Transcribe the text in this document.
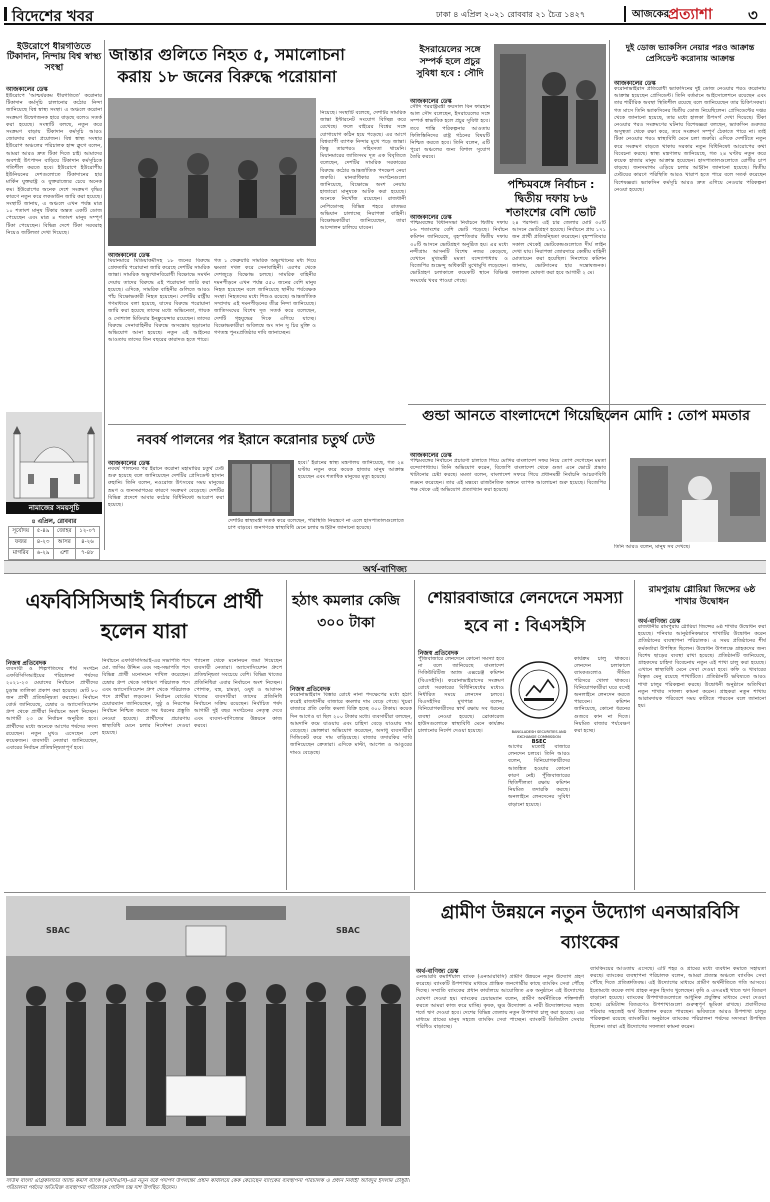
বিদেশের খবর	ঢাকা ৪ এপ্রিল ২০২১ রোববার ২১ চৈত্র ১৪২৭	আজকের
প্রত্যাশা ৩
ইউরোপে ধীরগতিতে টিকাদান, নিন্দায় বিশ্ব স্বাস্থ্য সংস্থা
আজকালের ডেস্ক
ইউরোপে 'আশ্চর্যরকম ধীরগতিতে' করোনার টিকাদান কর্মসূচি চালানোর কঠোর নিন্দা জানিয়েছে বিশ্ব স্বাস্থ্য সংস্থা। এ অঞ্চলে করোনা সংক্রমণ উদ্বেগজনক হারে বাড়ছে বলেও সতর্ক করা হয়েছে। সংস্থাটি বলছে, নতুন করে সংক্রমণ বাড়ায় টিকাদান কর্মসূচি আরও জোরদার করা প্রয়োজন। বিশ্ব স্বাস্থ্য সংস্থার ইউরোপ অঞ্চলের পরিচালক হান্স ক্লুগে বলেন, আমরা আরও দ্রুত টিকা দিতে চাই। আমাদের অবশ্যই উৎপাদন বাড়িয়ে টিকাদান কর্মসূচিকে গতিশীল করতে হবে। ইউরোপে ইউরোপীয় ইউনিয়নের দেশগুলোতে টিকাদানের হার মার্কিন যুক্তরাষ্ট্র ও যুক্তরাজ্যের চেয়ে অনেক কম। ইউরোপের অনেক দেশে সংক্রমণ বৃদ্ধির কারণে নতুন করে লকডাউন জারি করা হয়েছে। সংস্থাটি জানায়, এ অঞ্চলে এখন পর্যন্ত মাত্র ১০ শতাংশ মানুষ টিকার অন্তত একটি ডোজ পেয়েছেন এবং মাত্র ৪ শতাংশ মানুষ সম্পূর্ণ টিকা পেয়েছেন। বিভিন্ন দেশে টিকা সরবরাহ নিয়েও জটিলতা দেখা দিয়েছে।
নামাজের সময়সূচি
৪ এপ্রিল, রোববার
সূর্যোদয়	৫-৪৯	জোহর	১২-০৭
ফজর	৪-২৩	আসর	৪-২৬
মাগরিব	৬-২৯	এশা	৭-৪৮
জান্তার গুলিতে নিহত ৫, সমালোচনা করায় ১৮ জনের বিরুদ্ধে পরোয়ানা
আজকালের ডেস্ক
মিয়ানমারে মিডিয়াকর্মীসহ ১৮ জনের বিরুদ্ধে গ্রেফতারি পরোয়ানা জারি করেছে দেশটির সামরিক জান্তা। সামরিক অভ্যুত্থানবিরোধী বিক্ষোভে সমর্থন দেয়ায় তাদের বিরুদ্ধে এই পরোয়ানা জারি করা হয়েছে। এদিকে, সামরিক বাহিনীর গুলিতে আরও পাঁচ বিক্ষোভকারী নিহত হয়েছেন। দেশটির রাষ্ট্রীয় গণমাধ্যমে বলা হয়েছে, যাদের বিরুদ্ধে পরোয়ানা জারি করা হয়েছে তাদের মধ্যে অভিনেতা, গায়ক ও সোশ্যাল মিডিয়ার ইনফ্লুয়েন্সার রয়েছেন। তাদের বিরুদ্ধে সেনাবাহিনীর বিরুদ্ধে অসন্তোষ ছড়ানোর অভিযোগ আনা হয়েছে। নতুন এই আইনের আওতায় তাদের তিন বছরের কারাদণ্ড হতে পারে।
গত ১ ফেব্রুয়ারি সামরিক অভ্যুত্থানের মধ্য দিয়ে ক্ষমতা দখল করে সেনাবাহিনী। এরপর থেকে দেশজুড়ে বিক্ষোভ চলছে। সামরিক বাহিনীর দমনপীড়নে এখন পর্যন্ত ৫৫০ জনের বেশি মানুষ নিহত হয়েছেন বলে জানিয়েছে স্থানীয় পর্যবেক্ষক সংস্থা। নিহতদের মধ্যে শিশুও রয়েছে। আন্তর্জাতিক সম্প্রদায় এই দমনপীড়নের তীব্র নিন্দা জানিয়েছে। জাতিসংঘের বিশেষ দূত সতর্ক করে বলেছেন, দেশটি গৃহযুদ্ধের দিকে এগিয়ে যাচ্ছে। বিক্ষোভকারীরা অবিলম্বে অং সান সু চির মুক্তি ও গণতন্ত্র পুনঃপ্রতিষ্ঠার দাবি জানাচ্ছেন।
নিয়েছে। সংস্থাটি বলেছে, দেশটির সামরিক জান্তা ইন্টারনেট সংযোগ বিচ্ছিন্ন করে রেখেছে। ফলে বাইরের বিশ্বের সঙ্গে যোগাযোগ কঠিন হয়ে পড়েছে। এর আগে বিশ্বব্যাপী ব্যাপক নিন্দার মুখে পড়ে জান্তা। কিন্তু তারপরও সহিংসতা থামেনি। মিয়ানমারের জাতিসংঘ দূত এক বিবৃতিতে বলেছেন, দেশটির সামরিক সরকারের বিরুদ্ধে কঠোর আন্তর্জাতিক পদক্ষেপ নেয়া জরুরি। মানবাধিকার সংগঠনগুলো জানিয়েছে, বিক্ষোভে অংশ নেয়ায় হাজারো মানুষকে আটক করা হয়েছে। অনেকে নিখোঁজ রয়েছেন। রাজধানী নেপিডোসহ বিভিন্ন শহরে রাতভর অভিযান চালাচ্ছে নিরাপত্তা বাহিনী। বিক্ষোভকারীরা জানিয়েছেন, তারা আন্দোলন চালিয়ে যাবেন।
ইসরায়েলের সঙ্গে সম্পর্ক হলে প্রচুর সুবিধা হবে : সৌদি
আজকালের ডেস্ক
সৌদি পররাষ্ট্রমন্ত্রী ফয়সাল বিন ফারহান আল সৌদ বলেছেন, ইসরায়েলের সঙ্গে সম্পর্ক স্বাভাবিক হলে প্রচুর সুবিধা হবে। তবে শান্তি পরিকল্পনার আওতায় ফিলিস্তিনিদের রাষ্ট্র গঠনের বিষয়টি নিশ্চিত করতে হবে। তিনি বলেন, এটি পুরো অঞ্চলের জন্য বিশাল সুযোগ তৈরি করবে।
দুই ডোজ ভ্যাকসিন নেয়ার পরও আক্রান্ত প্রেসিডেন্ট করোনায় আক্রান্ত
আজকালের ডেস্ক
করোনাভাইরাস প্রতিরোধী ভ্যাকসিনের দুই ডোজ নেওয়ার পরও করোনায় আক্রান্ত হয়েছেন প্রেসিডেন্ট। তিনি বর্তমানে আইসোলেশনে রয়েছেন এবং তার শারীরিক অবস্থা স্থিতিশীল রয়েছে বলে জানিয়েছেন তার চিকিৎসকরা। গত মাসে তিনি ভ্যাকসিনের দ্বিতীয় ডোজ নিয়েছিলেন। প্রেসিডেন্টের দপ্তর থেকে জানানো হয়েছে, তার মধ্যে হালকা উপসর্গ দেখা দিয়েছে। টিকা নেওয়ার পরও সংক্রমণের ঘটনায় বিশেষজ্ঞরা বলছেন, ভ্যাকসিন গুরুতর অসুস্থতা থেকে রক্ষা করে, তবে সংক্রমণ সম্পূর্ণ ঠেকাতে পারে না। তাই টিকা নেওয়ার পরও স্বাস্থ্যবিধি মেনে চলা জরুরি। এদিকে দেশটিতে নতুন করে সংক্রমণ বাড়তে থাকায় সরকার নতুন বিধিনিষেধ আরোপের কথা বিবেচনা করছে। স্বাস্থ্য মন্ত্রণালয় জানিয়েছে, গত ২৪ ঘণ্টায় নতুন করে কয়েক হাজার মানুষ আক্রান্ত হয়েছেন। হাসপাতালগুলোতে রোগীর চাপ বাড়ছে। জনসমাগম এড়িয়ে চলার আহ্বান জানানো হয়েছে। দ্বিতীয় ঢেউয়ের কারণে পরিস্থিতি আরও খারাপ হতে পারে বলে সতর্ক করেছেন বিশেষজ্ঞরা। ভ্যাকসিন কর্মসূচি আরও দ্রুত এগিয়ে নেওয়ার পরিকল্পনা নেওয়া হয়েছে।
পশ্চিমবঙ্গে নির্বাচন : দ্বিতীয় দফায় ৮৬ শতাংশের বেশি ভোট
আজকালের ডেস্ক
পশ্চিমবঙ্গের বিধানসভা নির্বাচনে দ্বিতীয় দফায় ৮৬ শতাংশের বেশি ভোট পড়েছে। নির্বাচন কমিশন জানিয়েছে, বৃহস্পতিবার দ্বিতীয় দফায় ৩০টি আসনে ভোটগ্রহণ অনুষ্ঠিত হয়। এর মধ্যে নন্দীগ্রাম আসনটি বিশেষ নজর কেড়েছে, যেখানে মুখ্যমন্ত্রী মমতা বন্দ্যোপাধ্যায় ও বিজেপির শুভেন্দু অধিকারী মুখোমুখি লড়েছেন। ভোটগ্রহণ চলাকালে কয়েকটি স্থানে বিক্ষিপ্ত সংঘর্ষের খবর পাওয়া গেছে।
২৪ পরগনা। এই চার জেলার মোট ৩০টি আসনে ভোটগ্রহণ হয়েছে। নির্বাচনে প্রায় ১৭১ জন প্রার্থী প্রতিদ্বন্দ্বিতা করেছেন। বৃহস্পতিবার সকাল থেকেই ভোটকেন্দ্রগুলোতে দীর্ঘ লাইন দেখা যায়। নিরাপত্তা জোরদারে কেন্দ্রীয় বাহিনী মোতায়েন করা হয়েছিল। দিনশেষে কমিশন জানায়, ভোটদানের হার সন্তোষজনক। ফলাফল ঘোষণা করা হবে আগামী ২ মে।
গুন্ডা আনতে বাংলাদেশে গিয়েছিলেন মোদি : তোপ মমতার
আজকালের ডেস্ক
পশ্চিমবঙ্গের নির্বাচনে প্রচারণা চালাতে গিয়ে মোদির বাংলাদেশ সফর নিয়ে তোপ দেগেছেন মমতা বন্দ্যোপাধ্যায়। তিনি অভিযোগ করেন, বিজেপি বাংলাদেশ থেকে গুন্ডা এনে ভোটে প্রভাব খাটানোর চেষ্টা করছে। মমতা বলেন, বাংলাদেশ সফরে গিয়ে প্রধানমন্ত্রী নির্বাচনি আচরণবিধি লঙ্ঘন করেছেন। তার এই মন্তব্যে রাজনৈতিক অঙ্গনে ব্যাপক আলোচনা শুরু হয়েছে। বিজেপির পক্ষ থেকে এই অভিযোগ প্রত্যাখ্যান করা হয়েছে।
তিনি আরও বলেন, মানুষ সব দেখছে।
নববর্ষ পালনের পর ইরানে করোনার চতুর্থ ঢেউ
আজকালের ডেস্ক
নববর্ষ পালনের পর ইরানে করোনা মহামারির চতুর্থ ঢেউ শুরু হয়েছে বলে জানিয়েছেন দেশটির প্রেসিডেন্ট হাসান রুহানি। তিনি বলেন, নওরোজ উৎসবের সময় মানুষের ভ্রমণ ও জনসমাগমের কারণে সংক্রমণ বেড়েছে। দেশটির বিভিন্ন প্রদেশে আবার কঠোর বিধিনিষেধ আরোপ করা হয়েছে।
দেশটির স্বাস্থ্যমন্ত্রী সতর্ক করে বলেছেন, পরিস্থিতি নিয়ন্ত্রণে না এলে হাসপাতালগুলোতে চাপ বাড়বে। জনগণকে স্বাস্থ্যবিধি মেনে চলার আহ্বান জানানো হয়েছে।
হবে।' ইরানের স্বাস্থ্য মন্ত্রণালয় জানিয়েছে, গত ২৪ ঘণ্টায় নতুন করে কয়েক হাজার মানুষ আক্রান্ত হয়েছেন এবং শতাধিক মানুষের মৃত্যু হয়েছে।
অর্থ-বাণিজ্য
এফবিসিসিআই নির্বাচনে প্রার্থী হলেন যারা
নিজস্ব প্রতিবেদক
ব্যবসায়ী ও শিল্পপতিদের শীর্ষ সংগঠন এফবিসিসিআইয়ের পরিচালনা পর্ষদের ২০২১-২৩ মেয়াদের নির্বাচনে প্রার্থীদের চূড়ান্ত তালিকা প্রকাশ করা হয়েছে। মোট ৮০ জন প্রার্থী প্রতিদ্বন্দ্বিতা করছেন। নির্বাচন বোর্ড জানিয়েছে, চেম্বার ও অ্যাসোসিয়েশন গ্রুপ থেকে প্রার্থীরা নির্বাচনে অংশ নিচ্ছেন। আগামী ২৩ মে নির্বাচন অনুষ্ঠিত হবে। প্রার্থীদের মধ্যে অনেকে আগের পর্ষদের সদস্য রয়েছেন। নতুন মুখও এসেছেন বেশ কয়েকজন। ব্যবসায়ী নেতারা জানিয়েছেন, এবারের নির্বাচন প্রতিদ্বন্দ্বিতাপূর্ণ হবে।
নির্বাচনে এফবিসিসিআই-এর সভাপতি পদে মো. জসিম উদ্দিন এবং সহ-সভাপতি পদে বিভিন্ন প্রার্থী মনোনয়ন দাখিল করেছেন। চেম্বার গ্রুপ থেকে সাধারণ পরিচালক পদে এবং অ্যাসোসিয়েশন গ্রুপ থেকে পরিচালক পদে প্রার্থীরা লড়বেন। নির্বাচন বোর্ডের চেয়ারম্যান জানিয়েছেন, সুষ্ঠু ও নিরপেক্ষ নির্বাচন নিশ্চিত করতে সব ধরনের প্রস্তুতি নেওয়া হয়েছে। প্রার্থীদের প্রচারণায় স্বাস্থ্যবিধি মেনে চলার নির্দেশনা দেওয়া হয়েছে।
প্যানেল থেকে মনোনয়ন জমা দিয়েছেন ব্যবসায়ী নেতারা। অ্যাসোসিয়েশন গ্রুপে প্রতিদ্বন্দ্বিতা সবচেয়ে বেশি। বিভিন্ন খাতের প্রতিনিধিরা এবার নির্বাচনে অংশ নিচ্ছেন। পোশাক, বস্ত্র, চামড়া, ওষুধ ও আবাসন খাতের ব্যবসায়ীরা তাদের প্রতিনিধি নির্বাচনে সক্রিয় রয়েছেন। নির্বাচিত পর্ষদ আগামী দুই বছর সংগঠনের নেতৃত্ব দেবে এবং ব্যবসা-বাণিজ্যের উন্নয়নে কাজ করবে।
হঠাৎ কমলার কেজি ৩০০ টাকা
নিজস্ব প্রতিবেদক
করোনাভাইরাস বিস্তার রোধে নানা পদক্ষেপের মধ্যে হঠাৎ করেই রাজধানীর বাজারে কমলার দাম বেড়ে গেছে। খুচরা বাজারে প্রতি কেজি কমলা বিক্রি হচ্ছে ৩০০ টাকায়। কয়েক দিন আগেও যা ছিল ২০০ টাকার মধ্যে। ব্যবসায়ীরা বলছেন, আমদানি কমে যাওয়ায় এবং চাহিদা বেড়ে যাওয়ায় দাম বেড়েছে। ভোক্তারা অভিযোগ করেছেন, অসাধু ব্যবসায়ীরা সিন্ডিকেট করে দাম বাড়িয়েছে। বাজার তদারকির দাবি জানিয়েছেন ক্রেতারা। এদিকে মাল্টা, আপেল ও আঙুরের দামও বেড়েছে।
শেয়ারবাজারে লেনদেনে সমস্যা হবে না : বিএসইসি
নিজস্ব প্রতিবেদক
পুঁজিবাজারে লেনদেনে কোনো সমস্যা হবে না বলে জানিয়েছে বাংলাদেশ সিকিউরিটিজ অ্যান্ড এক্সচেঞ্জ কমিশন (বিএসইসি)। করোনাভাইরাসের সংক্রমণ রোধে সরকারের বিধিনিষেধের মধ্যেও নির্ধারিত সময়ে লেনদেন চলবে। বিএসইসির মুখপাত্র বলেন, বিনিয়োগকারীদের স্বার্থ রক্ষায় সব ধরনের ব্যবস্থা নেওয়া হয়েছে। ব্রোকারেজ হাউসগুলোকে স্বাস্থ্যবিধি মেনে কার্যক্রম চালানোর নির্দেশ দেওয়া হয়েছে।	BANGLADESH SECURITIES AND EXCHANGE COMMISSION
BSEC
আগের মতোই বাজারে লেনদেন চলবে। তিনি আরও বলেন, বিনিয়োগকারীদের আতঙ্কিত হওয়ার কোনো কারণ নেই। পুঁজিবাজারের স্থিতিশীলতা রক্ষায় কমিশন নিয়মিত তদারকি করছে। অনলাইনে লেনদেনের সুবিধা বাড়ানো হয়েছে।
কার্যক্রম চালু থাকবে। লেনদেন চলাকালে ব্যাংকগুলোও সীমিত পরিসরে খোলা থাকবে। বিনিয়োগকারীরা ঘরে বসেই অনলাইনে লেনদেন করতে পারবেন। কমিশন জানিয়েছে, কোনো ধরনের গুজবে কান না দিতে। নিয়মিত বাজার পর্যবেক্ষণ করা হচ্ছে।
রামপুরায় গ্লোরিয়া জিন্সের ৬ষ্ঠ শাখার উদ্বোধন
অর্থ-বাণিজ্য ডেস্ক
রাজধানীর রামপুরায় গ্লোরিয়া জিন্সের ৬ষ্ঠ শাখার উদ্বোধন করা হয়েছে। শনিবার আনুষ্ঠানিকভাবে শাখাটির উদ্বোধন করেন প্রতিষ্ঠানের ব্যবস্থাপনা পরিচালক। এ সময় প্রতিষ্ঠানের শীর্ষ কর্মকর্তারা উপস্থিত ছিলেন। উদ্বোধন উপলক্ষে গ্রাহকদের জন্য বিশেষ ছাড়ের ব্যবস্থা রাখা হয়েছে। প্রতিষ্ঠানটি জানিয়েছে, গ্রাহকদের চাহিদা বিবেচনায় নতুন এই শাখা চালু করা হয়েছে। এখানে স্বাস্থ্যবিধি মেনে সেবা দেওয়া হবে। কফি ও খাবারের বিস্তৃত মেনু রয়েছে শাখাটিতে। প্রতিষ্ঠানটি ভবিষ্যতে আরও শাখা চালুর পরিকল্পনা করছে। উদ্বোধনী অনুষ্ঠানে অতিথিরা নতুন শাখার সাফল্য কামনা করেন। গ্রাহকরা নতুন শাখায় আরামদায়ক পরিবেশে সময় কাটাতে পারবেন বলে জানানো হয়।
SBAC	SBAC
সাউথ বাংলা এগ্রিকালচার অ্যান্ড কমার্স ব্যাংক (এসবিএসি)-এর নতুন বর্ষে পদার্পণ উপলক্ষ্যে প্রধান কার্যালয়ে কেক কেটেছেন ব্যাংকের ব্যবস্থাপনা পরিচালক ও প্রধান নির্বাহী আবিদুর ইসলাম চৌধুরী। পরিচালনা পর্ষদের অতিরিক্ত ব্যবস্থাপনা পরিচালক গোবিন্দ চন্দ্র দাশ উপস্থিত ছিলেন।
গ্রামীণ উন্নয়নে নতুন উদ্যোগ এনআরবিসি ব্যাংকের
অর্থ-বাণিজ্য ডেস্ক
এনআরবি কমার্শিয়াল ব্যাংক (এনআরবিসি) গ্রামীণ উন্নয়নে নতুন উদ্যোগ গ্রহণ করেছে। ব্যাংকটি উপশাখার মাধ্যমে প্রান্তিক জনগোষ্ঠীর কাছে ব্যাংকিং সেবা পৌঁছে দিচ্ছে। সম্প্রতি ব্যাংকের প্রধান কার্যালয়ে আয়োজিত এক অনুষ্ঠানে এই উদ্যোগের ঘোষণা দেওয়া হয়। ব্যাংকের চেয়ারম্যান বলেন, গ্রামীণ অর্থনীতিকে শক্তিশালী করতে আমরা কাজ করে যাচ্ছি। কৃষক, ক্ষুদ্র উদ্যোক্তা ও নারী উদ্যোক্তাদের সহজ শর্তে ঋণ দেওয়া হবে। দেশের বিভিন্ন জেলায় নতুন উপশাখা চালু করা হয়েছে। এর মাধ্যমে গ্রামের মানুষ সহজে ব্যাংকিং সেবা পাচ্ছেন। ব্যাংকটি ডিজিটাল সেবার পরিধিও বাড়াচ্ছে।
ব্যাংকিংয়ের আওতায় এসেছে। এটি শহর ও গ্রামের মধ্যে ব্যবধান কমাতে সহায়তা করছে। ব্যাংকের ব্যবস্থাপনা পরিচালক বলেন, আমরা প্রত্যন্ত অঞ্চলে ব্যাংকিং সেবা পৌঁছে দিতে প্রতিশ্রুতিবদ্ধ। এই উদ্যোগের মাধ্যমে গ্রামীণ অর্থনীতিতে গতি আসবে। ইতোমধ্যে কয়েক লাখ গ্রাহক নতুন হিসাব খুলেছেন। কৃষি ও এসএমই খাতে ঋণ বিতরণ বাড়ানো হয়েছে। ব্যাংকের উপশাখাগুলোতে আধুনিক প্রযুক্তির মাধ্যমে সেবা দেওয়া হচ্ছে। রেমিট্যান্স বিতরণেও উপশাখাগুলো গুরুত্বপূর্ণ ভূমিকা রাখছে। প্রবাসীদের পরিবার সহজেই অর্থ উত্তোলন করতে পারছেন। ভবিষ্যতে আরও উপশাখা চালুর পরিকল্পনা রয়েছে ব্যাংকটির। অনুষ্ঠানে ব্যাংকের পরিচালনা পর্ষদের সদস্যরা উপস্থিত ছিলেন। তারা এই উদ্যোগের সফলতা কামনা করেন।
